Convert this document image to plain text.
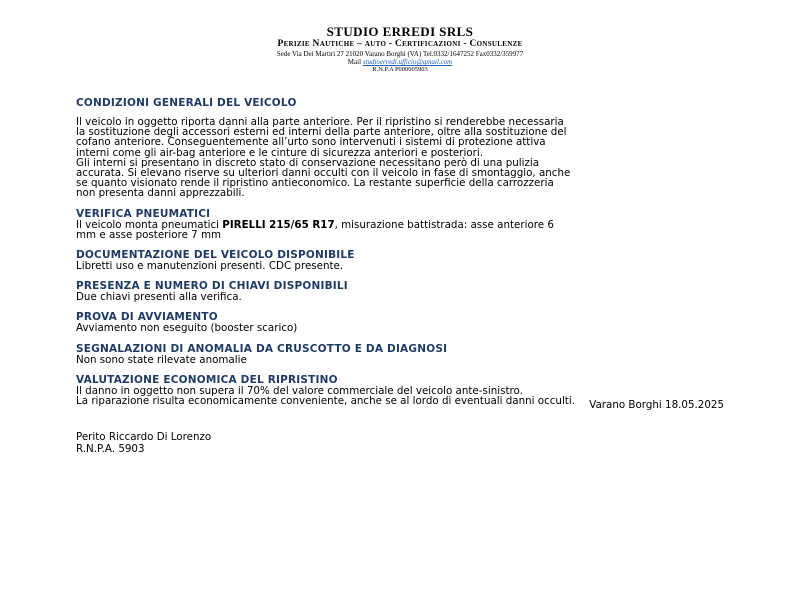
STUDIO ERREDI SRLS
Perizie Nautiche – auto - Certificazioni - Consulenze
Sede Via Dei Martiri 27 21020 Varano Borghi (VA) Tel.0332/1647252 Fax0332/359977
Mail studioerredi.ufficio@gmail.com
R.N.P.A P000005903
CONDIZIONI GENERALI DEL VEICOLO
Il veicolo in oggetto riporta danni alla parte anteriore. Per il ripristino si renderebbe necessaria
la sostituzione degli accessori esterni ed interni della parte anteriore, oltre alla sostituzione del
cofano anteriore. Conseguentemente all’urto sono intervenuti i sistemi di protezione attiva
interni come gli air-bag anteriore e le cinture di sicurezza anteriori e posteriori.
Gli interni si presentano in discreto stato di conservazione necessitano però di una pulizia
accurata. Si elevano riserve su ulteriori danni occulti con il veicolo in fase di smontaggio, anche
se quanto visionato rende il ripristino antieconomico. La restante superficie della carrozzeria
non presenta danni apprezzabili.
VERIFICA PNEUMATICI
Il veicolo monta pneumatici PIRELLI 215/65 R17, misurazione battistrada: asse anteriore 6
mm e asse posteriore 7 mm
DOCUMENTAZIONE DEL VEICOLO DISPONIBILE
Libretti uso e manutenzioni presenti. CDC presente.
PRESENZA E NUMERO DI CHIAVI DISPONIBILI
Due chiavi presenti alla verifica.
PROVA DI AVVIAMENTO
Avviamento non eseguito (booster scarico)
SEGNALAZIONI DI ANOMALIA DA CRUSCOTTO E DA DIAGNOSI
Non sono state rilevate anomalie
VALUTAZIONE ECONOMICA DEL RIPRISTINO
Il danno in oggetto non supera il 70% del valore commerciale del veicolo ante-sinistro.
La riparazione risulta economicamente conveniente, anche se al lordo di eventuali danni occulti.	Varano Borghi 18.05.2025
Perito Riccardo Di Lorenzo
R.N.P.A. 5903
